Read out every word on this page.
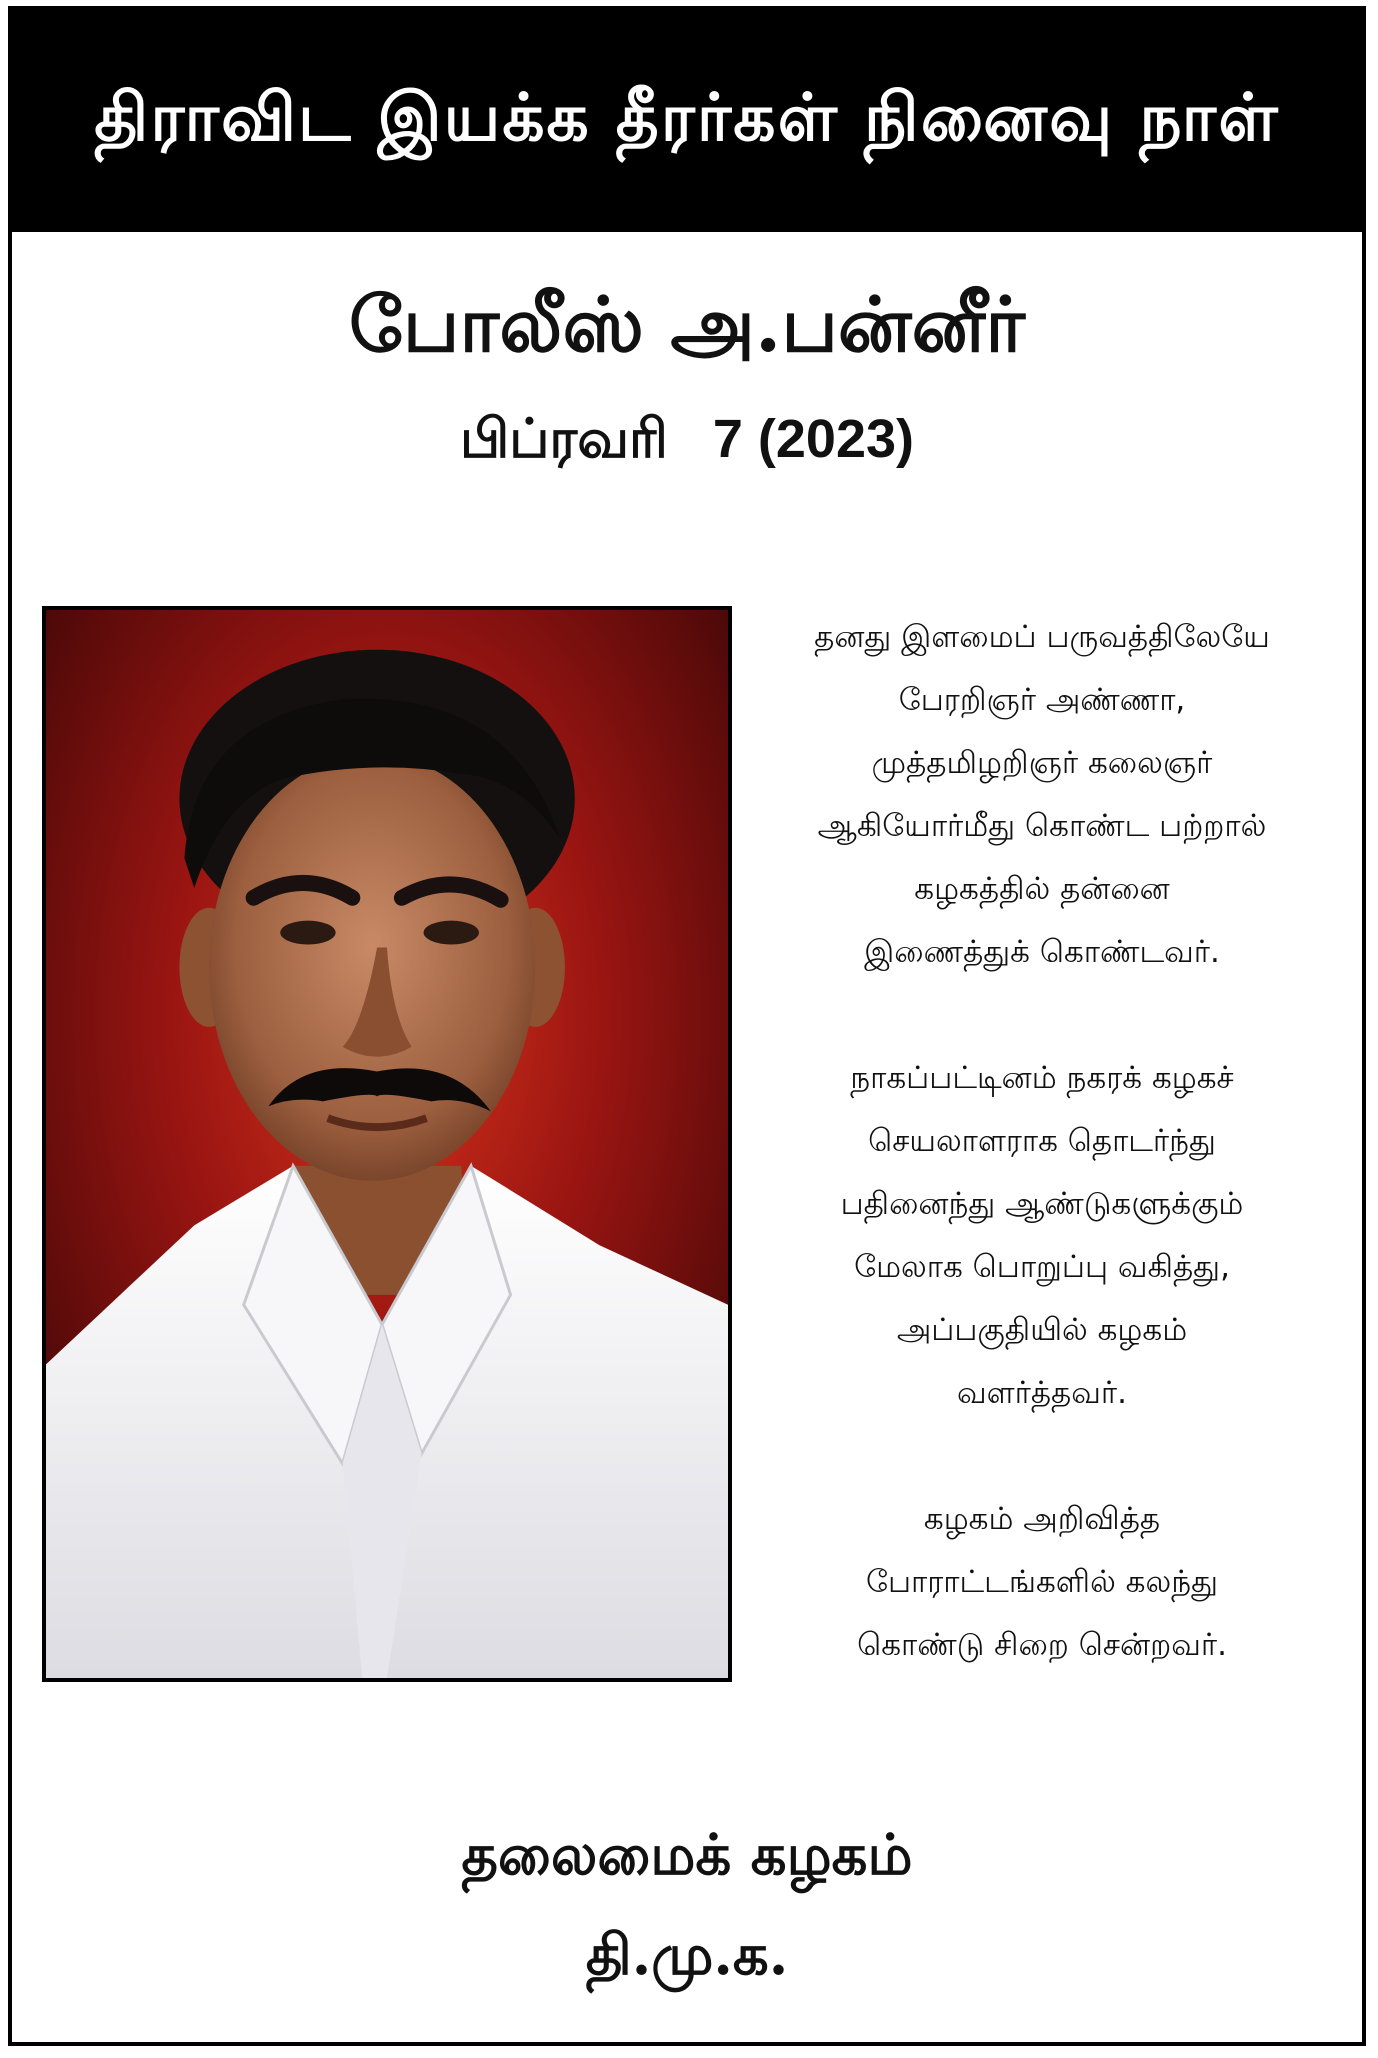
திராவிட இயக்க தீரர்கள் நினைவு நாள்
போலீஸ் அ.பன்னீர்
பிப்ரவரி   7 (2023)

தனது இளமைப் பருவத்திலேயே
பேரறிஞர் அண்ணா,
முத்தமிழறிஞர் கலைஞர்
ஆகியோர்மீது கொண்ட பற்றால்
கழகத்தில் தன்னை
இணைத்துக் கொண்டவர்.

நாகப்பட்டினம் நகரக் கழகச்
செயலாளராக தொடர்ந்து
பதினைந்து ஆண்டுகளுக்கும்
மேலாக பொறுப்பு வகித்து,
அப்பகுதியில் கழகம்
வளர்த்தவர்.

கழகம் அறிவித்த
போராட்டங்களில் கலந்து
கொண்டு சிறை சென்றவர்.

தலைமைக் கழகம்
தி.மு.க.
